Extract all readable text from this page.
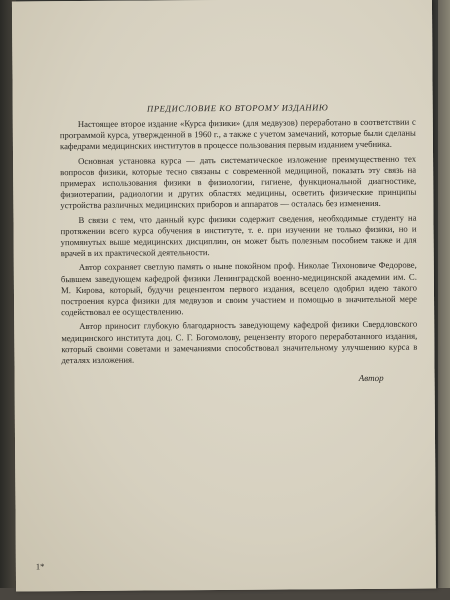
ПРЕДИСЛОВИЕ КО ВТОРОМУ ИЗДАНИЮ

Настоящее второе издание «Курса физики» (для медвузов) переработано в соответствии с программой курса, утвержденной в 1960 г., а также с учетом замечаний, которые были сделаны кафедрами медицинских институтов в процессе пользования первым изданием учебника.

Основная установка курса — дать систематическое изложение преимущественно тех вопросов физики, которые тесно связаны с современной медициной, показать эту связь на примерах использования физики в физиологии, гигиене, функциональной диагностике, физиотерапии, радиологии и других областях медицины, осветить физические принципы устройства различных медицинских приборов и аппаратов — осталась без изменения.

В связи с тем, что данный курс физики содержит сведения, необходимые студенту на протяжении всего курса обучения в институте, т. е. при изучении не только физики, но и упомянутых выше медицинских дисциплин, он может быть полезным пособием также и для врачей в их практической деятельности.

Автор сохраняет светлую память о ныне покойном проф. Николае Тихоновиче Федорове, бывшем заведующем кафедрой физики Ленинградской военно-медицинской академии им. С. М. Кирова, который, будучи рецензентом первого издания, всецело одобрил идею такого построения курса физики для медвузов и своим участием и помощью в значительной мере содействовал ее осуществлению.

Автор приносит глубокую благодарность заведующему кафедрой физики Свердловского медицинского института доц. С. Г. Богомолову, рецензенту второго переработанного издания, который своими советами и замечаниями способствовал значительному улучшению курса в деталях изложения.

Автор
1*
